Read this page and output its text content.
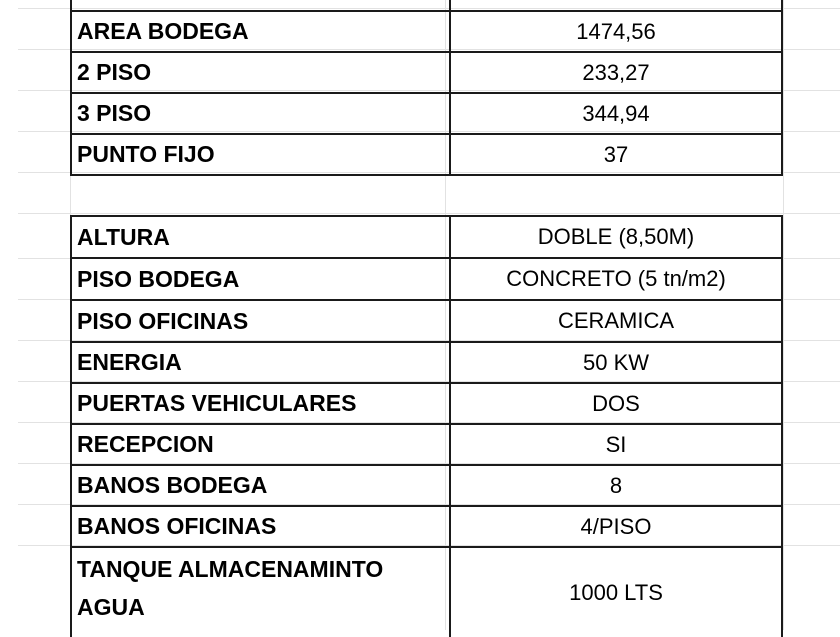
AREA BODEGA	1474,56
2 PISO	233,27
3 PISO	344,94
PUNTO FIJO	37
ALTURA	DOBLE (8,50M)
PISO BODEGA	CONCRETO (5 tn/m2)
PISO OFICINAS	CERAMICA
ENERGIA	50 KW
PUERTAS VEHICULARES	DOS
RECEPCION	SI
BANOS BODEGA	8
BANOS OFICINAS	4/PISO
TANQUE ALMACENAMINTO AGUA	1000 LTS
